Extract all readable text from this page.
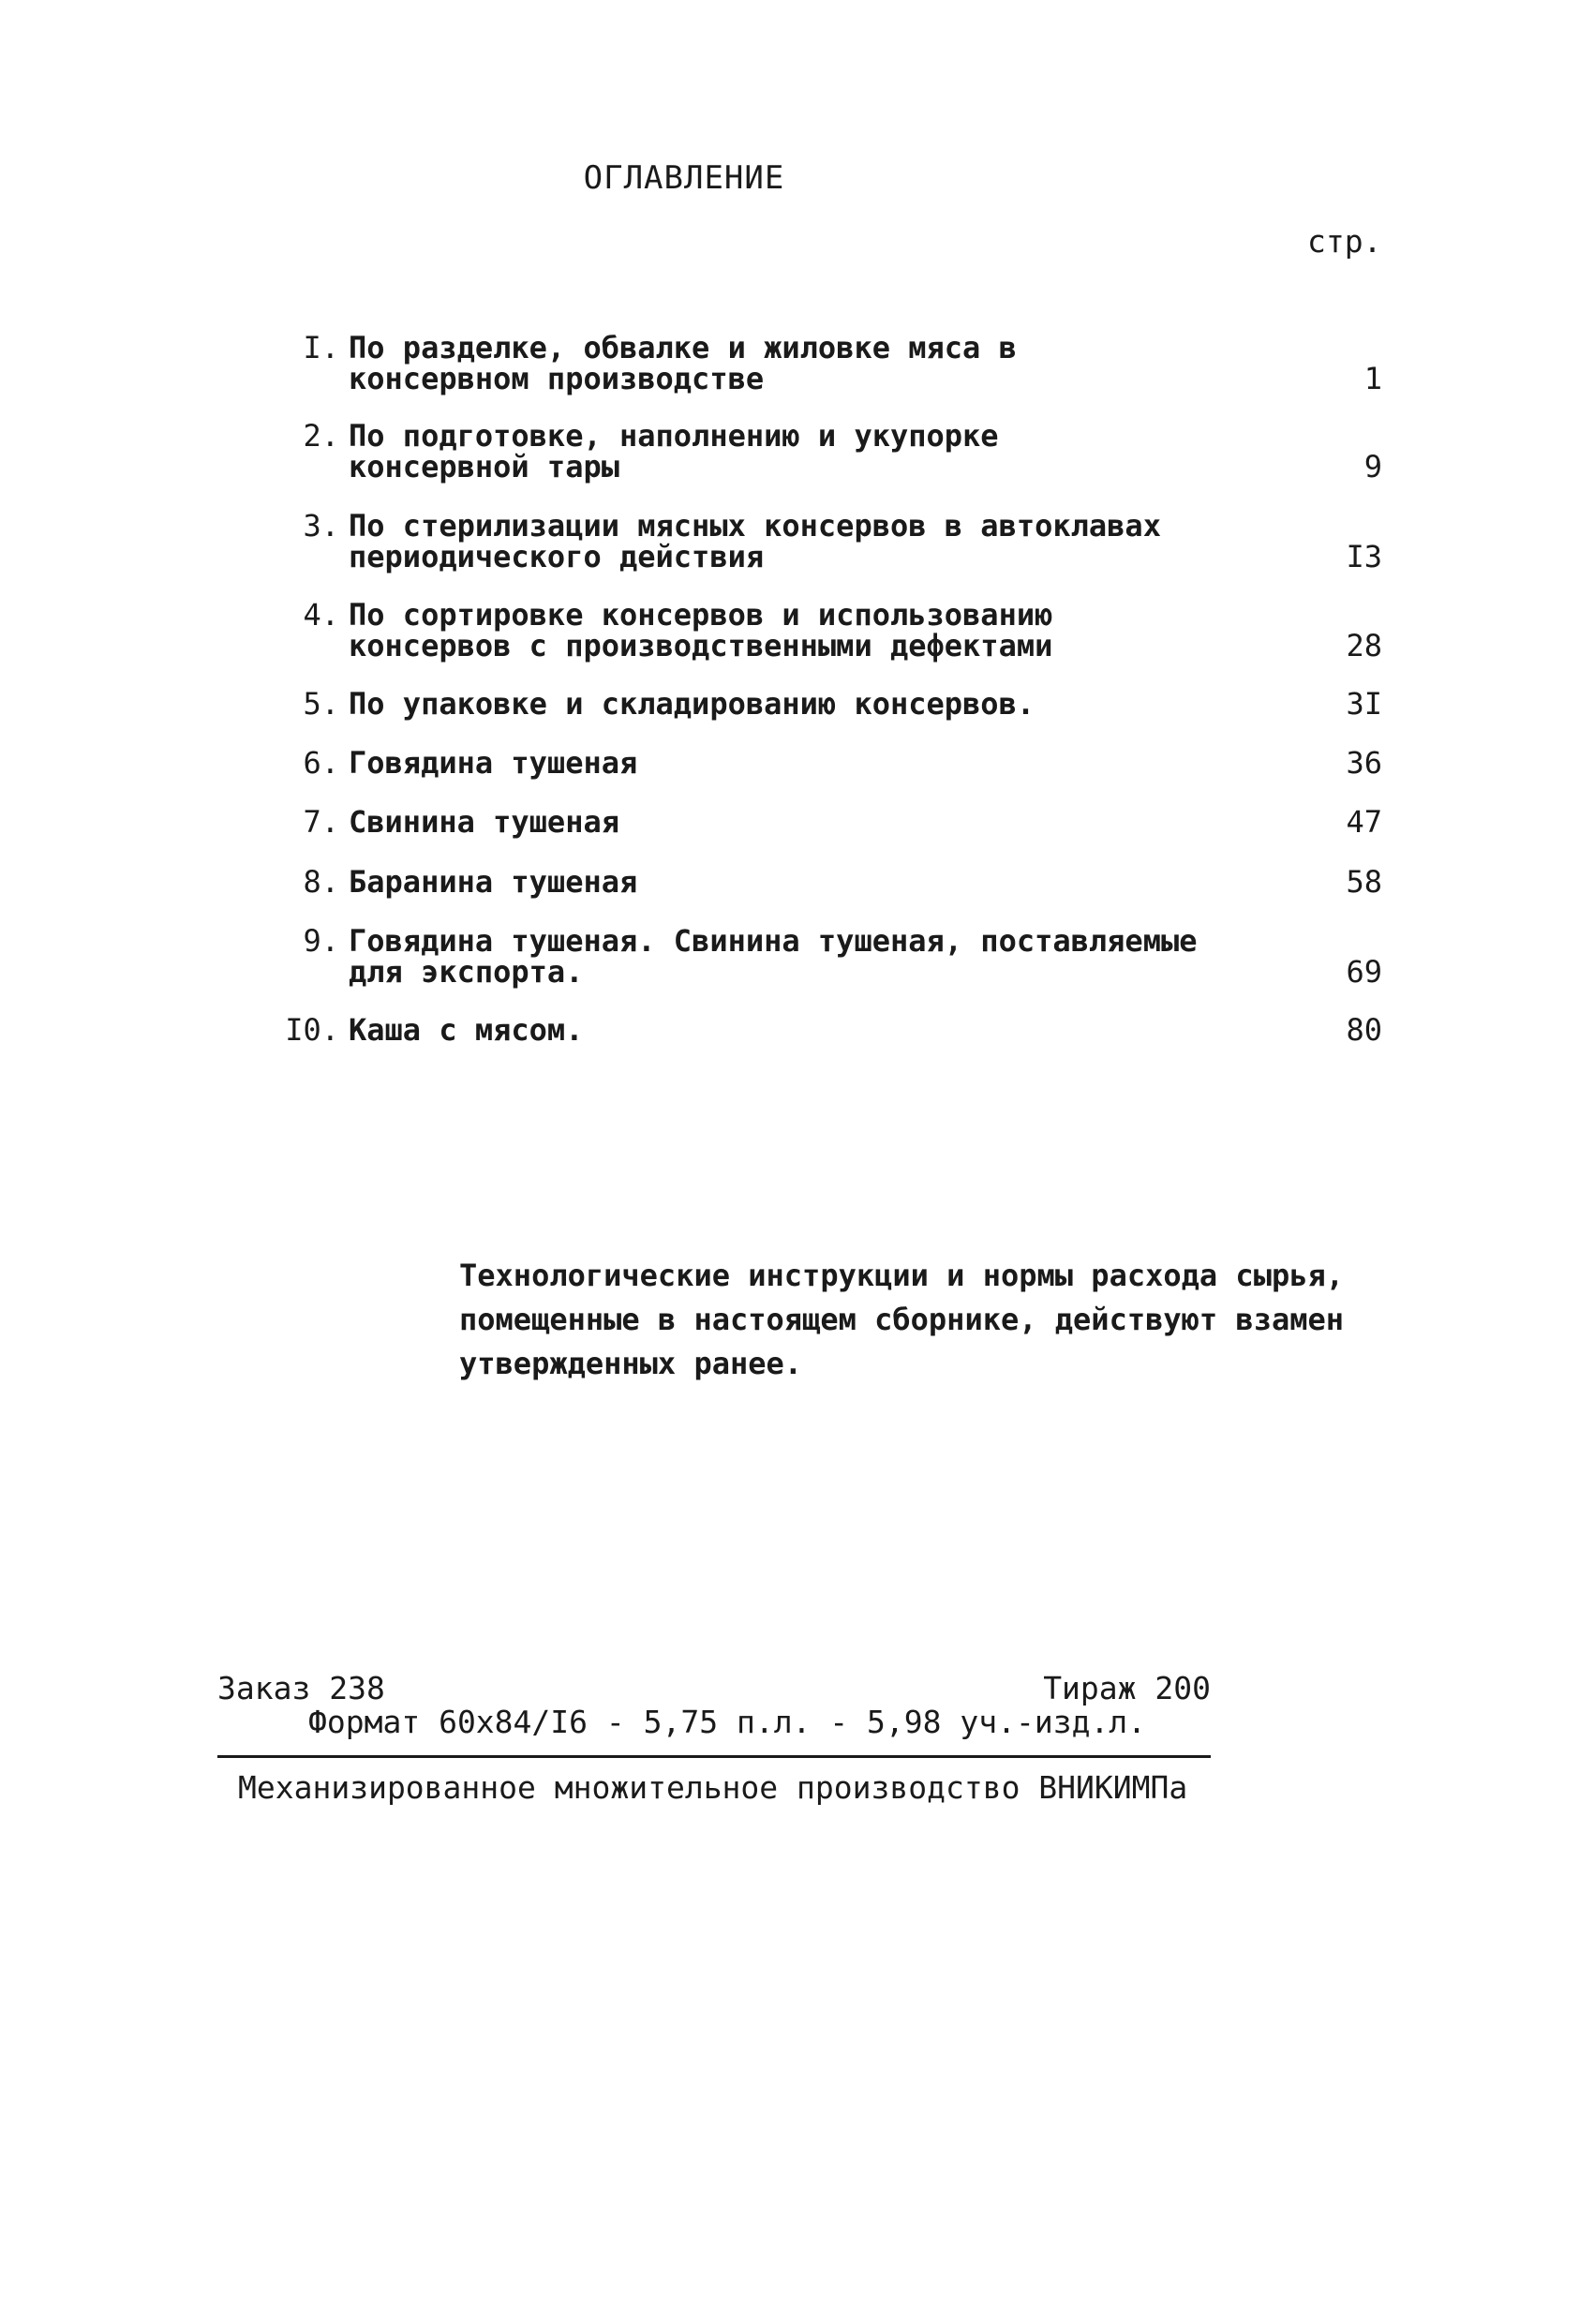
ОГЛАВЛЕНИЕ
стр.
I. По разделке, обвалке и жиловке мяса в
консервном производстве	1
2. По подготовке, наполнению и укупорке
консервной тары	9
3. По стерилизации мясных консервов в автоклавах
периодического действия	I3
4. По сортировке консервов и использованию
консервов с производственными дефектами	28
5. По упаковке и складированию консервов.	3I
6. Говядина тушеная	36
7. Свинина тушеная	47
8. Баранина тушеная	58
9. Говядина тушеная. Свинина тушеная, поставляемые
для экспорта.	69
I0. Каша с мясом.	80
Технологические инструкции и нормы расхода сырья, помещенные в настоящем сборнике, действуют взамен утвержденных ранее.
Заказ 238	Тираж 200
Формат 60х84/I6 - 5,75 п.л. - 5,98 уч.-изд.л.
Механизированное множительное производство ВНИКИМПа
